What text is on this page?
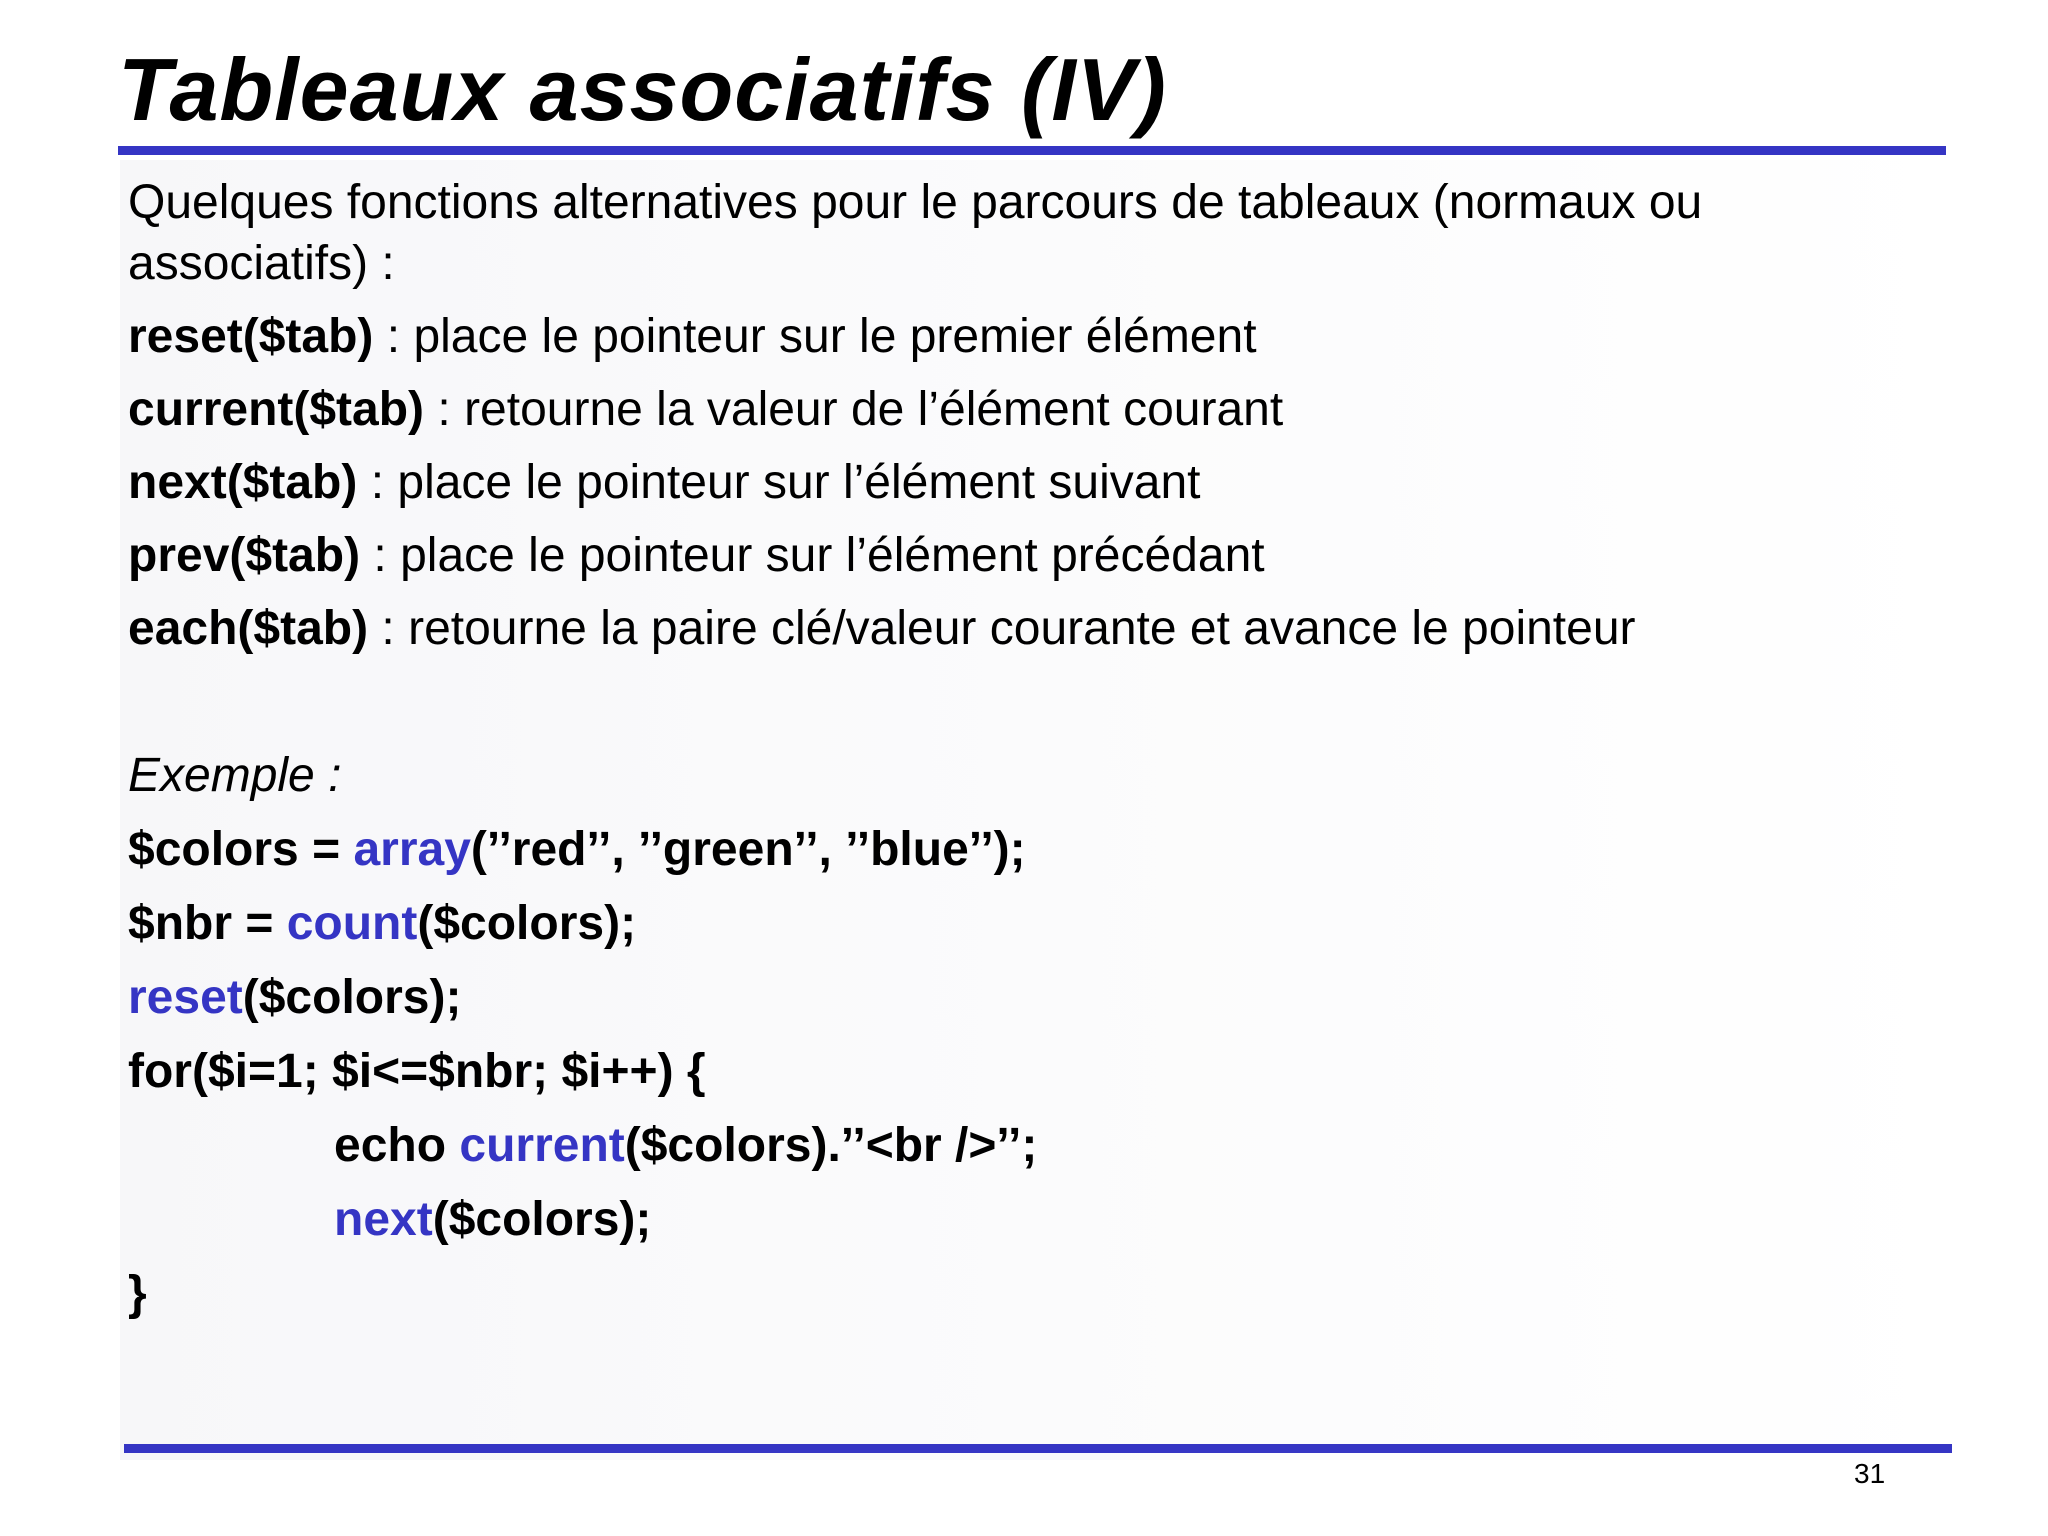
Tableaux associatifs (IV)

Quelques fonctions alternatives pour le parcours de tableaux (normaux ou associatifs) :

reset($tab) : place le pointeur sur le premier élément
current($tab) : retourne la valeur de l’élément courant
next($tab) : place le pointeur sur l’élément suivant
prev($tab) : place le pointeur sur l’élément précédant
each($tab) : retourne la paire clé/valeur courante et avance le pointeur
Exemple :
$colors = array(’’red’’, ’’green’’, ’’blue’’);
$nbr = count($colors);
reset($colors);
for($i=1; $i<=$nbr; $i++) {
echo current($colors).’’<br />’’;
next($colors);
}
31
